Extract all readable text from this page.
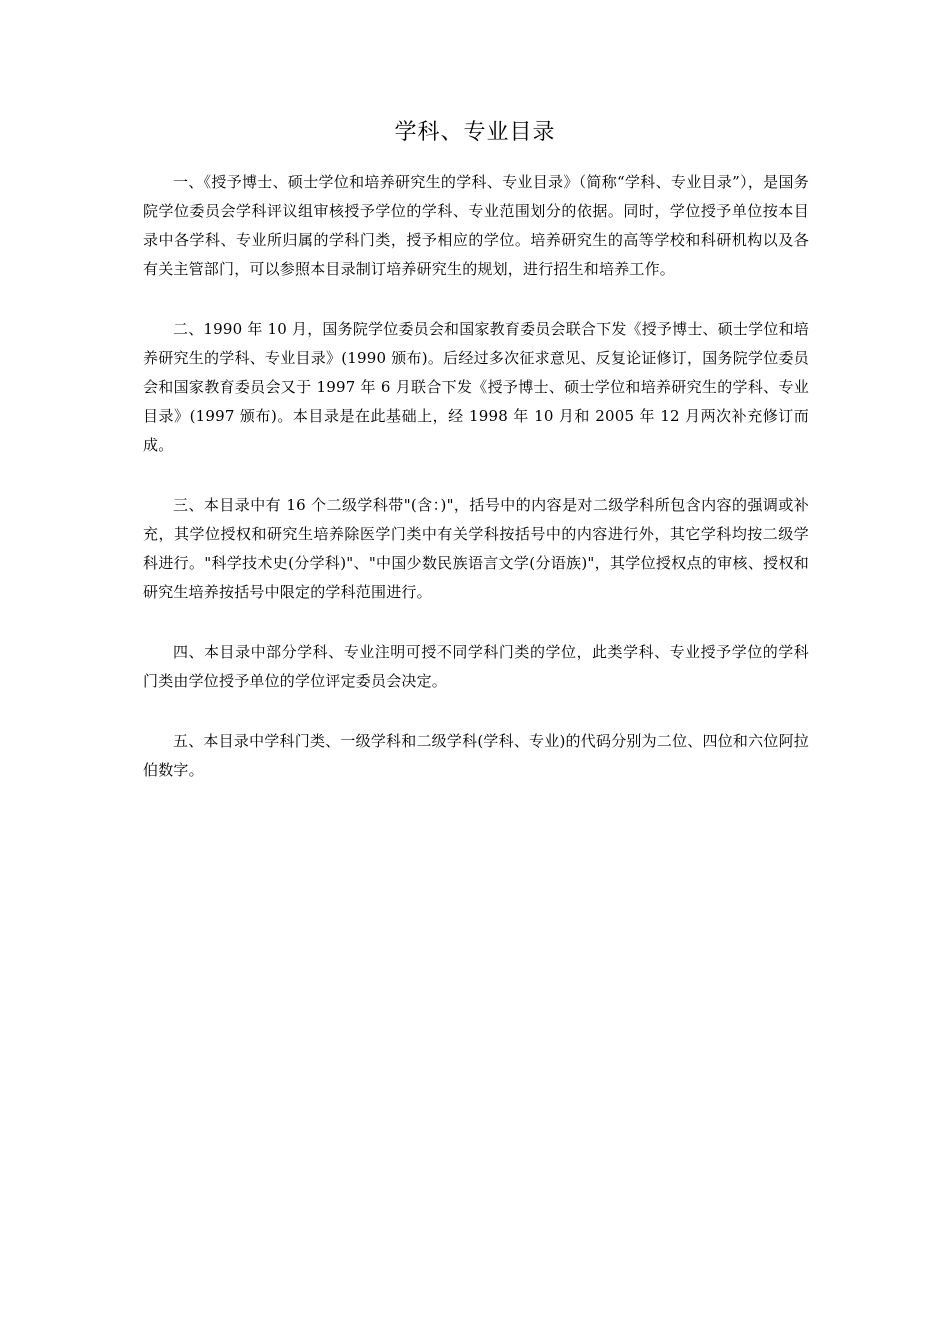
学科、专业目录

一、《授予博士、硕士学位和培养研究生的学科、专业目录》（简称“学科、专业目录”），是国务院学位委员会学科评议组审核授予学位的学科、专业范围划分的依据。同时，学位授予单位按本目录中各学科、专业所归属的学科门类，授予相应的学位。培养研究生的高等学校和科研机构以及各有关主管部门，可以参照本目录制订培养研究生的规划，进行招生和培养工作。

二、1990 年 10 月，国务院学位委员会和国家教育委员会联合下发《授予博士、硕士学位和培养研究生的学科、专业目录》(1990 颁布)。后经过多次征求意见、反复论证修订，国务院学位委员会和国家教育委员会又于 1997 年 6 月联合下发《授予博士、硕士学位和培养研究生的学科、专业目录》(1997 颁布)。本目录是在此基础上，经 1998 年 10 月和 2005 年 12 月两次补充修订而成。

三、本目录中有 16 个二级学科带"(含：)"，括号中的内容是对二级学科所包含内容的强调或补充，其学位授权和研究生培养除医学门类中有关学科按括号中的内容进行外，其它学科均按二级学科进行。"科学技术史(分学科)"、"中国少数民族语言文学(分语族)"，其学位授权点的审核、授权和研究生培养按括号中限定的学科范围进行。

四、本目录中部分学科、专业注明可授不同学科门类的学位，此类学科、专业授予学位的学科门类由学位授予单位的学位评定委员会决定。

五、本目录中学科门类、一级学科和二级学科(学科、专业)的代码分别为二位、四位和六位阿拉伯数字。
